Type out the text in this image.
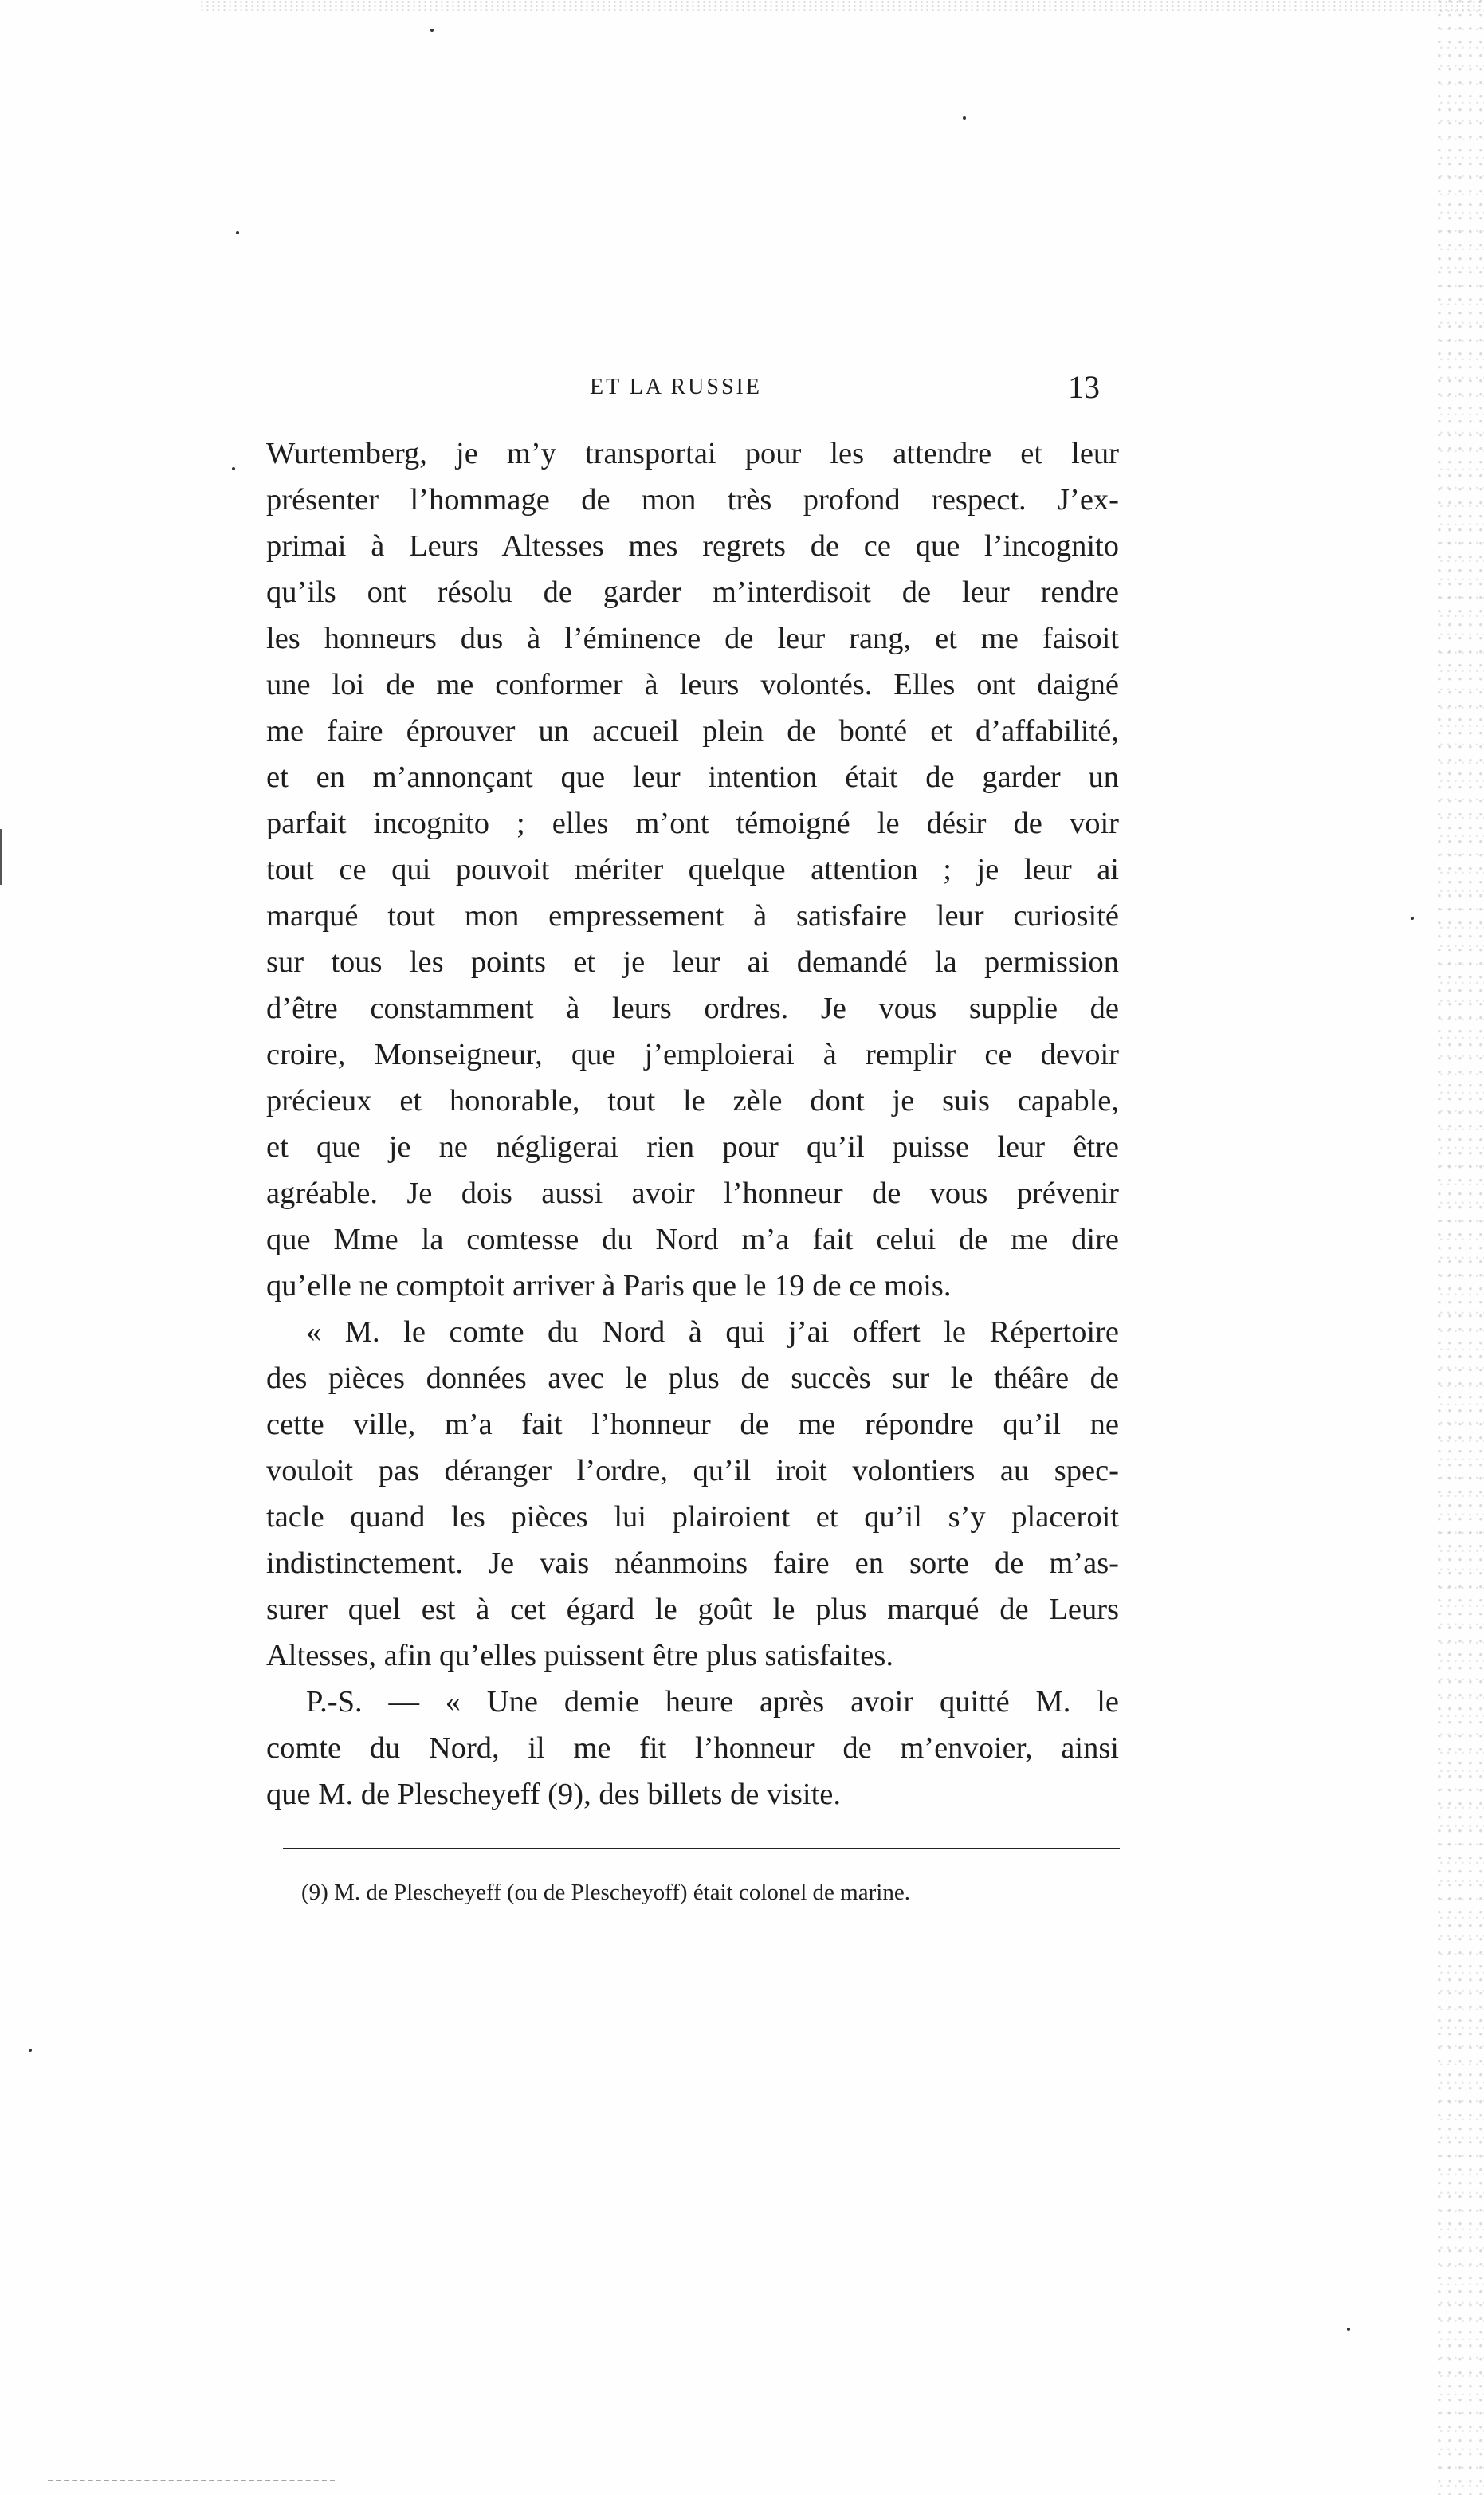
ET LA RUSSIE	13
Wurtemberg, je m’y transportai pour les attendre et leur
présenter l’hommage de mon très profond respect. J’ex-
primai à Leurs Altesses mes regrets de ce que l’incognito
qu’ils ont résolu de garder m’interdisoit de leur rendre
les honneurs dus à l’éminence de leur rang, et me faisoit
une loi de me conformer à leurs volontés. Elles ont daigné
me faire éprouver un accueil plein de bonté et d’affabilité,
et en m’annonçant que leur intention était de garder un
parfait incognito ; elles m’ont témoigné le désir de voir
tout ce qui pouvoit mériter quelque attention ; je leur ai
marqué tout mon empressement à satisfaire leur curiosité
sur tous les points et je leur ai demandé la permission
d’être constamment à leurs ordres. Je vous supplie de
croire, Monseigneur, que j’emploierai à remplir ce devoir
précieux et honorable, tout le zèle dont je suis capable,
et que je ne négligerai rien pour qu’il puisse leur être
agréable. Je dois aussi avoir l’honneur de vous prévenir
que Mme la comtesse du Nord m’a fait celui de me dire
qu’elle ne comptoit arriver à Paris que le 19 de ce mois.
« M. le comte du Nord à qui j’ai offert le Répertoire
des pièces données avec le plus de succès sur le théâre de
cette ville, m’a fait l’honneur de me répondre qu’il ne
vouloit pas déranger l’ordre, qu’il iroit volontiers au spec-
tacle quand les pièces lui plairoient et qu’il s’y placeroit
indistinctement. Je vais néanmoins faire en sorte de m’as-
surer quel est à cet égard le goût le plus marqué de Leurs
Altesses, afin qu’elles puissent être plus satisfaites.
P.-S. — « Une demie heure après avoir quitté M. le
comte du Nord, il me fit l’honneur de m’envoier, ainsi
que M. de Plescheyeff (9), des billets de visite.
(9) M. de Plescheyeff (ou de Plescheyoff) était colonel de marine.
